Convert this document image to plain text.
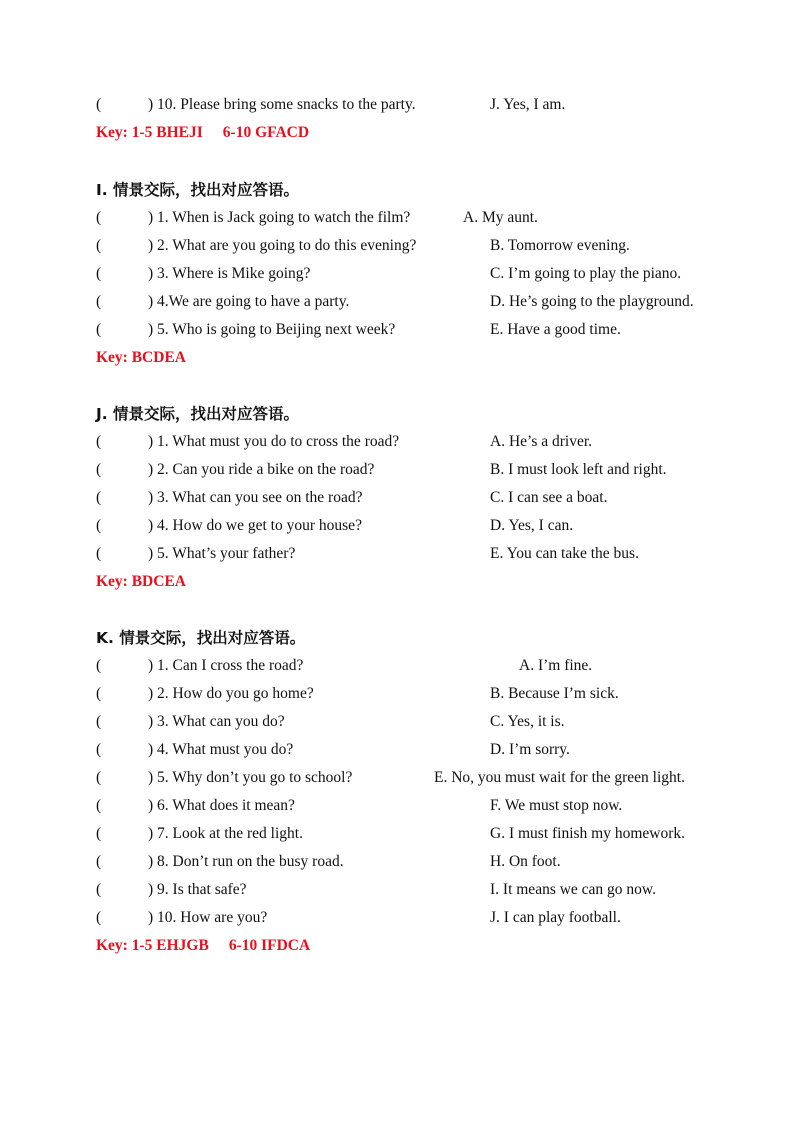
(	) 10. Please bring some snacks to the party.	J. Yes, I am.
Key: 1-5 BHEJI 6-10 GFACD
I. 情景交际，找出对应答语。
(	) 1. When is Jack going to watch the film?	A. My aunt.
(	) 2. What are you going to do this evening?	B. Tomorrow evening.
(	) 3. Where is Mike going?	C. I’m going to play the piano.
(	) 4.We are going to have a party.	D. He’s going to the playground.
(	) 5. Who is going to Beijing next week?	E. Have a good time.
Key: BCDEA
J. 情景交际，找出对应答语。
(	) 1. What must you do to cross the road?	A. He’s a driver.
(	) 2. Can you ride a bike on the road?	B. I must look left and right.
(	) 3. What can you see on the road?	C. I can see a boat.
(	) 4. How do we get to your house?	D. Yes, I can.
(	) 5. What’s your father?	E. You can take the bus.
Key: BDCEA
K. 情景交际，找出对应答语。
(	) 1. Can I cross the road?	A. I’m fine.
(	) 2. How do you go home?	B. Because I’m sick.
(	) 3. What can you do?	C. Yes, it is.
(	) 4. What must you do?	D. I’m sorry.
(	) 5. Why don’t you go to school?	E. No, you must wait for the green light.
(	) 6. What does it mean?	F. We must stop now.
(	) 7. Look at the red light.	G. I must finish my homework.
(	) 8. Don’t run on the busy road.	H. On foot.
(	) 9. Is that safe?	I. It means we can go now.
(	) 10. How are you?	J. I can play football.
Key: 1-5 EHJGB 6-10 IFDCA
